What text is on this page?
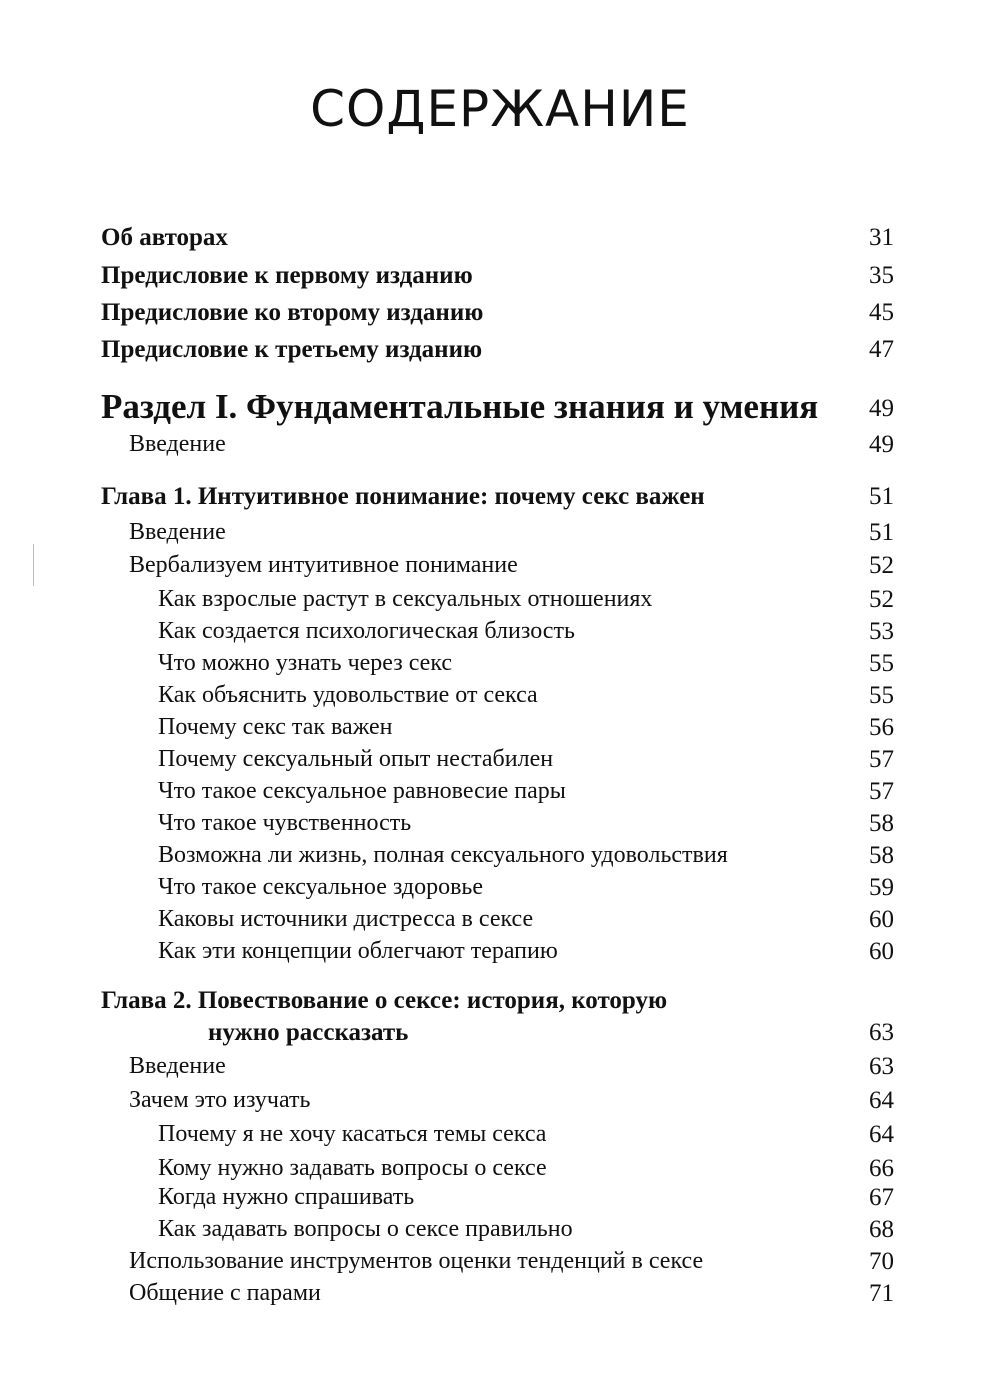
СОДЕРЖАНИЕ
Об авторах	31
Предисловие к первому изданию	35
Предисловие ко второму изданию	45
Предисловие к третьему изданию	47
Раздел I. Фундаментальные знания и умения 49
Введение	49
Глава 1. Интуитивное понимание: почему секс важен	51
Введение	51
Вербализуем интуитивное понимание	52
Как взрослые растут в сексуальных отношениях	52
Как создается психологическая близость	53
Что можно узнать через секс	55
Как объяснить удовольствие от секса	55
Почему секс так важен	56
Почему сексуальный опыт нестабилен	57
Что такое сексуальное равновесие пары	57
Что такое чувственность	58
Возможна ли жизнь, полная сексуального удовольствия	58
Что такое сексуальное здоровье	59
Каковы источники дистресса в сексе	60
Как эти концепции облегчают терапию	60
Глава 2. Повествование о сексе: история, которую
нужно рассказать	63
Введение	63
Зачем это изучать	64
Почему я не хочу касаться темы секса	64
Кому нужно задавать вопросы о сексе	66
Когда нужно спрашивать	67
Как задавать вопросы о сексе правильно	68
Использование инструментов оценки тенденций в сексе	70
Общение с парами	71
